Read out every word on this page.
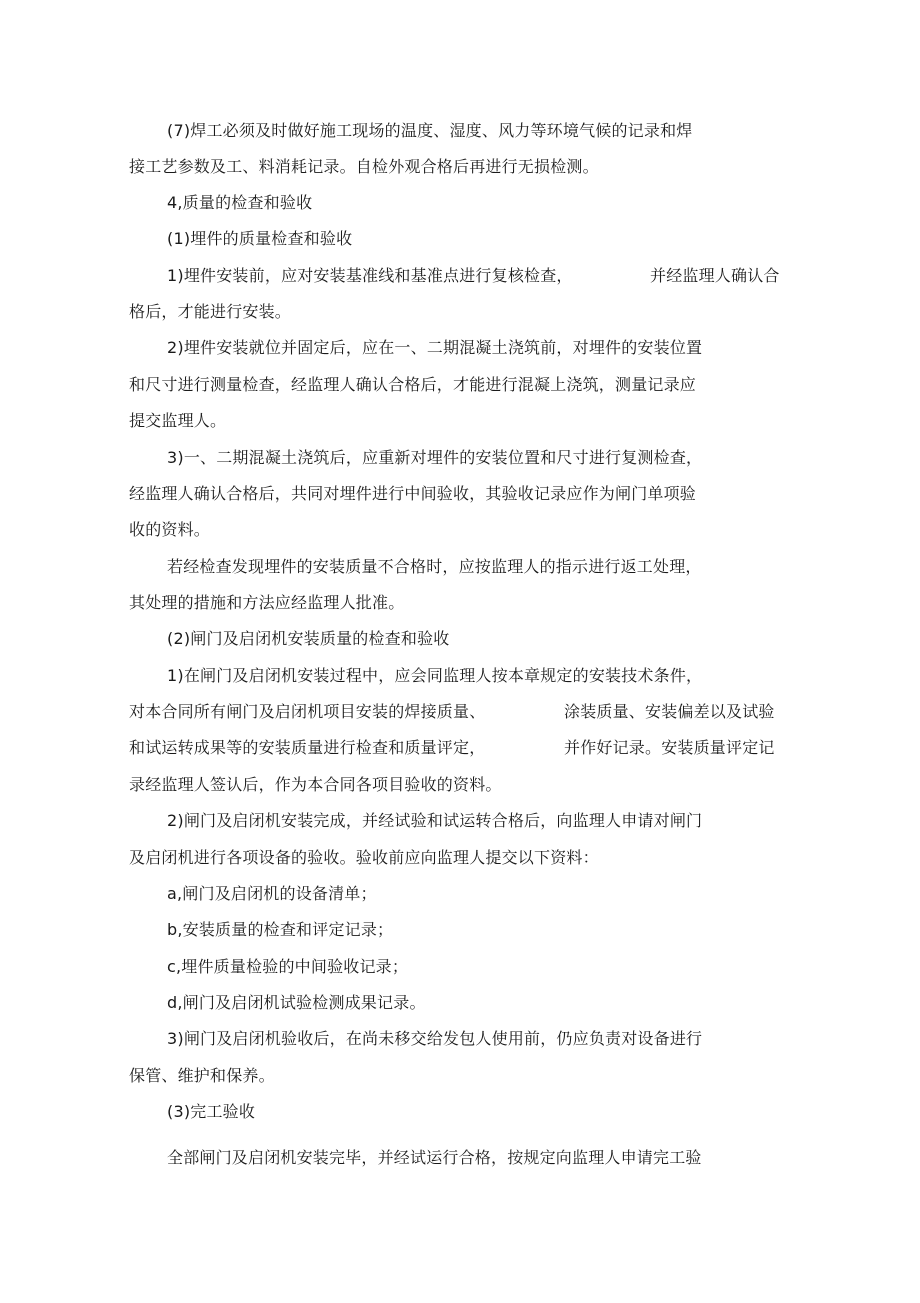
(7)焊工必须及时做好施工现场的温度、湿度、风力等环境气候的记录和焊
接工艺参数及工、料消耗记录。自检外观合格后再进行无损检测。
4,质量的检查和验收
(1)埋件的质量检查和验收
1)埋件安装前，应对安装基准线和基准点进行复核检查，	并经监理人确认合
格后，才能进行安装。
2)埋件安装就位并固定后，应在一、二期混凝土浇筑前，对埋件的安装位置
和尺寸进行测量检查，经监理人确认合格后，才能进行混凝上浇筑，测量记录应
提交监理人。
3)一、二期混凝土浇筑后，应重新对埋件的安装位置和尺寸进行复测检查，
经监理人确认合格后，共同对埋件进行中间验收，其验收记录应作为闸门单项验
收的资料。
若经检查发现埋件的安装质量不合格时，应按监理人的指示进行返工处理，
其处理的措施和方法应经监理人批准。
(2)闸门及启闭机安装质量的检查和验收
1)在闸门及启闭机安装过程中，应会同监理人按本章规定的安装技术条件，
对本合同所有闸门及启闭机项目安装的焊接质量、	涂装质量、安装偏差以及试验
和试运转成果等的安装质量进行检查和质量评定，	并作好记录。安装质量评定记
录经监理人签认后，作为本合同各项目验收的资料。
2)闸门及启闭机安装完成，并经试验和试运转合格后，向监理人申请对闸门
及启闭机进行各项设备的验收。验收前应向监理人提交以下资料：
a,闸门及启闭机的设备清单；
b,安装质量的检查和评定记录；
c,埋件质量检验的中间验收记录；
d,闸门及启闭机试验检测成果记录。
3)闸门及启闭机验收后，在尚未移交给发包人使用前，仍应负责对设备进行
保管、维护和保养。
(3)完工验收
全部闸门及启闭机安装完毕，并经试运行合格，按规定向监理人申请完工验
